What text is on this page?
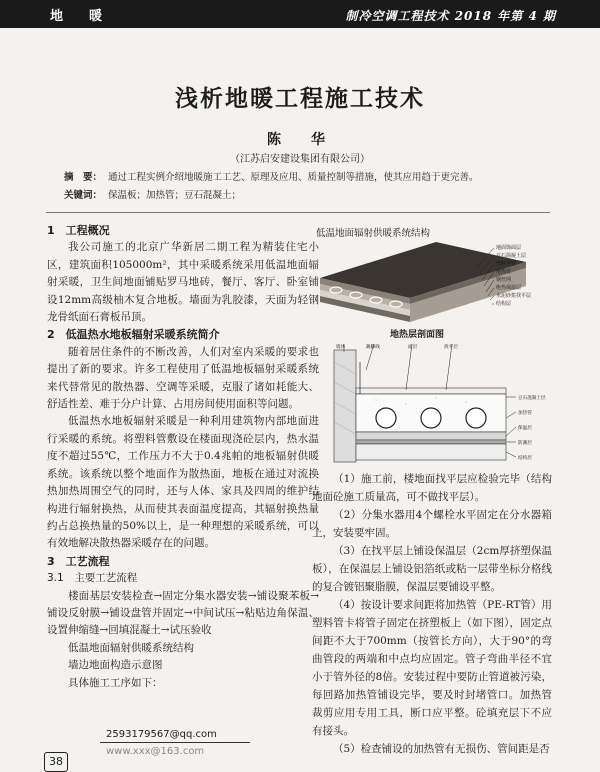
地　　暖	制冷空调工程技术 2018 年第 4 期
浅析地暖工程施工技术
陈　华
（江苏启安建设集团有限公司）
摘　要： 通过工程实例介绍地暖施工工艺、原理及应用、质量控制等措施，使其应用趋于更完善。
关键词： 保温板；加热管；豆石混凝土；
1　工程概况

我公司施工的北京广华新居二期工程为精装住宅小区，建筑面积105000m²，其中采暖系统采用低温地面辐射采暖，卫生间地面铺贴罗马地砖，餐厅、客厅、卧室铺设12mm高级柚木复合地板。墙面为乳胶漆，天面为轻钢龙骨纸面石膏板吊顶。

2　低温热水地板辐射采暖系统简介

随着居住条件的不断改善，人们对室内采暖的要求也提出了新的要求。许多工程使用了低温地板辐射采暖系统来代替常见的散热器、空调等采暖，克服了诸如耗能大、舒适性差、难于分户计算、占用房间使用面积等问题。

低温热水地板辐射采暖是一种利用建筑物内部地面进行采暖的系统。将塑料管敷设在楼面现浇砼层内，热水温度不超过55℃，工作压力不大于0.4兆帕的地板辐射供暖系统。该系统以整个地面作为散热面，地板在通过对流换热加热周围空气的同时，还与人体、家具及四周的维护结构进行辐射换热，从而使其表面温度提高，其辐射换热量约占总换热量的50%以上，是一种理想的采暖系统，可以有效地解决散热器采暖存在的问题。

3　工艺流程
3.1　主要工艺流程

楼面基层安装检查→固定分集水器安装→铺设聚苯板→铺设反射膜→铺设盘管并固定→中间试压→粘贴边角保温、设置伸缩缝→回填混凝土→试压验收

低温地面辐射供暖系统结构

墙边地面构造示意图

具体施工工序如下：

低温地面辐射供暖系统结构
地面饰面层
豆石混凝土层
塑料卡钉
地热管
钢丝网
绝热保温层
水泥砂浆找平层
结构层
地热层剖面图
墙体	踢脚线	面层	找平层
豆石混凝土层
加热管
保温层
防潮层
结构层

（1）施工前，楼地面找平层应检验完毕（结构地面砼施工质量高，可不做找平层）。

（2）分集水器用4个螺栓水平固定在分水器箱上，安装要牢固。

（3）在找平层上铺设保温层（2cm厚挤塑保温板），在保温层上铺设铝箔纸或粘一层带坐标分格线的复合镀铝聚脂膜，保温层要铺设平整。

（4）按设计要求间距将加热管（PE-RT管）用塑料管卡将管子固定在挤塑板上（如下图），固定点间距不大于700mm（按管长方向），大于90°的弯曲管段的两端和中点均应固定。管子弯曲半径不宜小于管外径的8倍。安装过程中要防止管道被污染，每回路加热管铺设完毕，要及时封堵管口。加热管裁剪应用专用工具，断口应平整。砼填充层下不应有接头。

（5）检查铺设的加热管有无损伤、管间距是否

2593179567@qq.com
www.xxx@163.com
38
